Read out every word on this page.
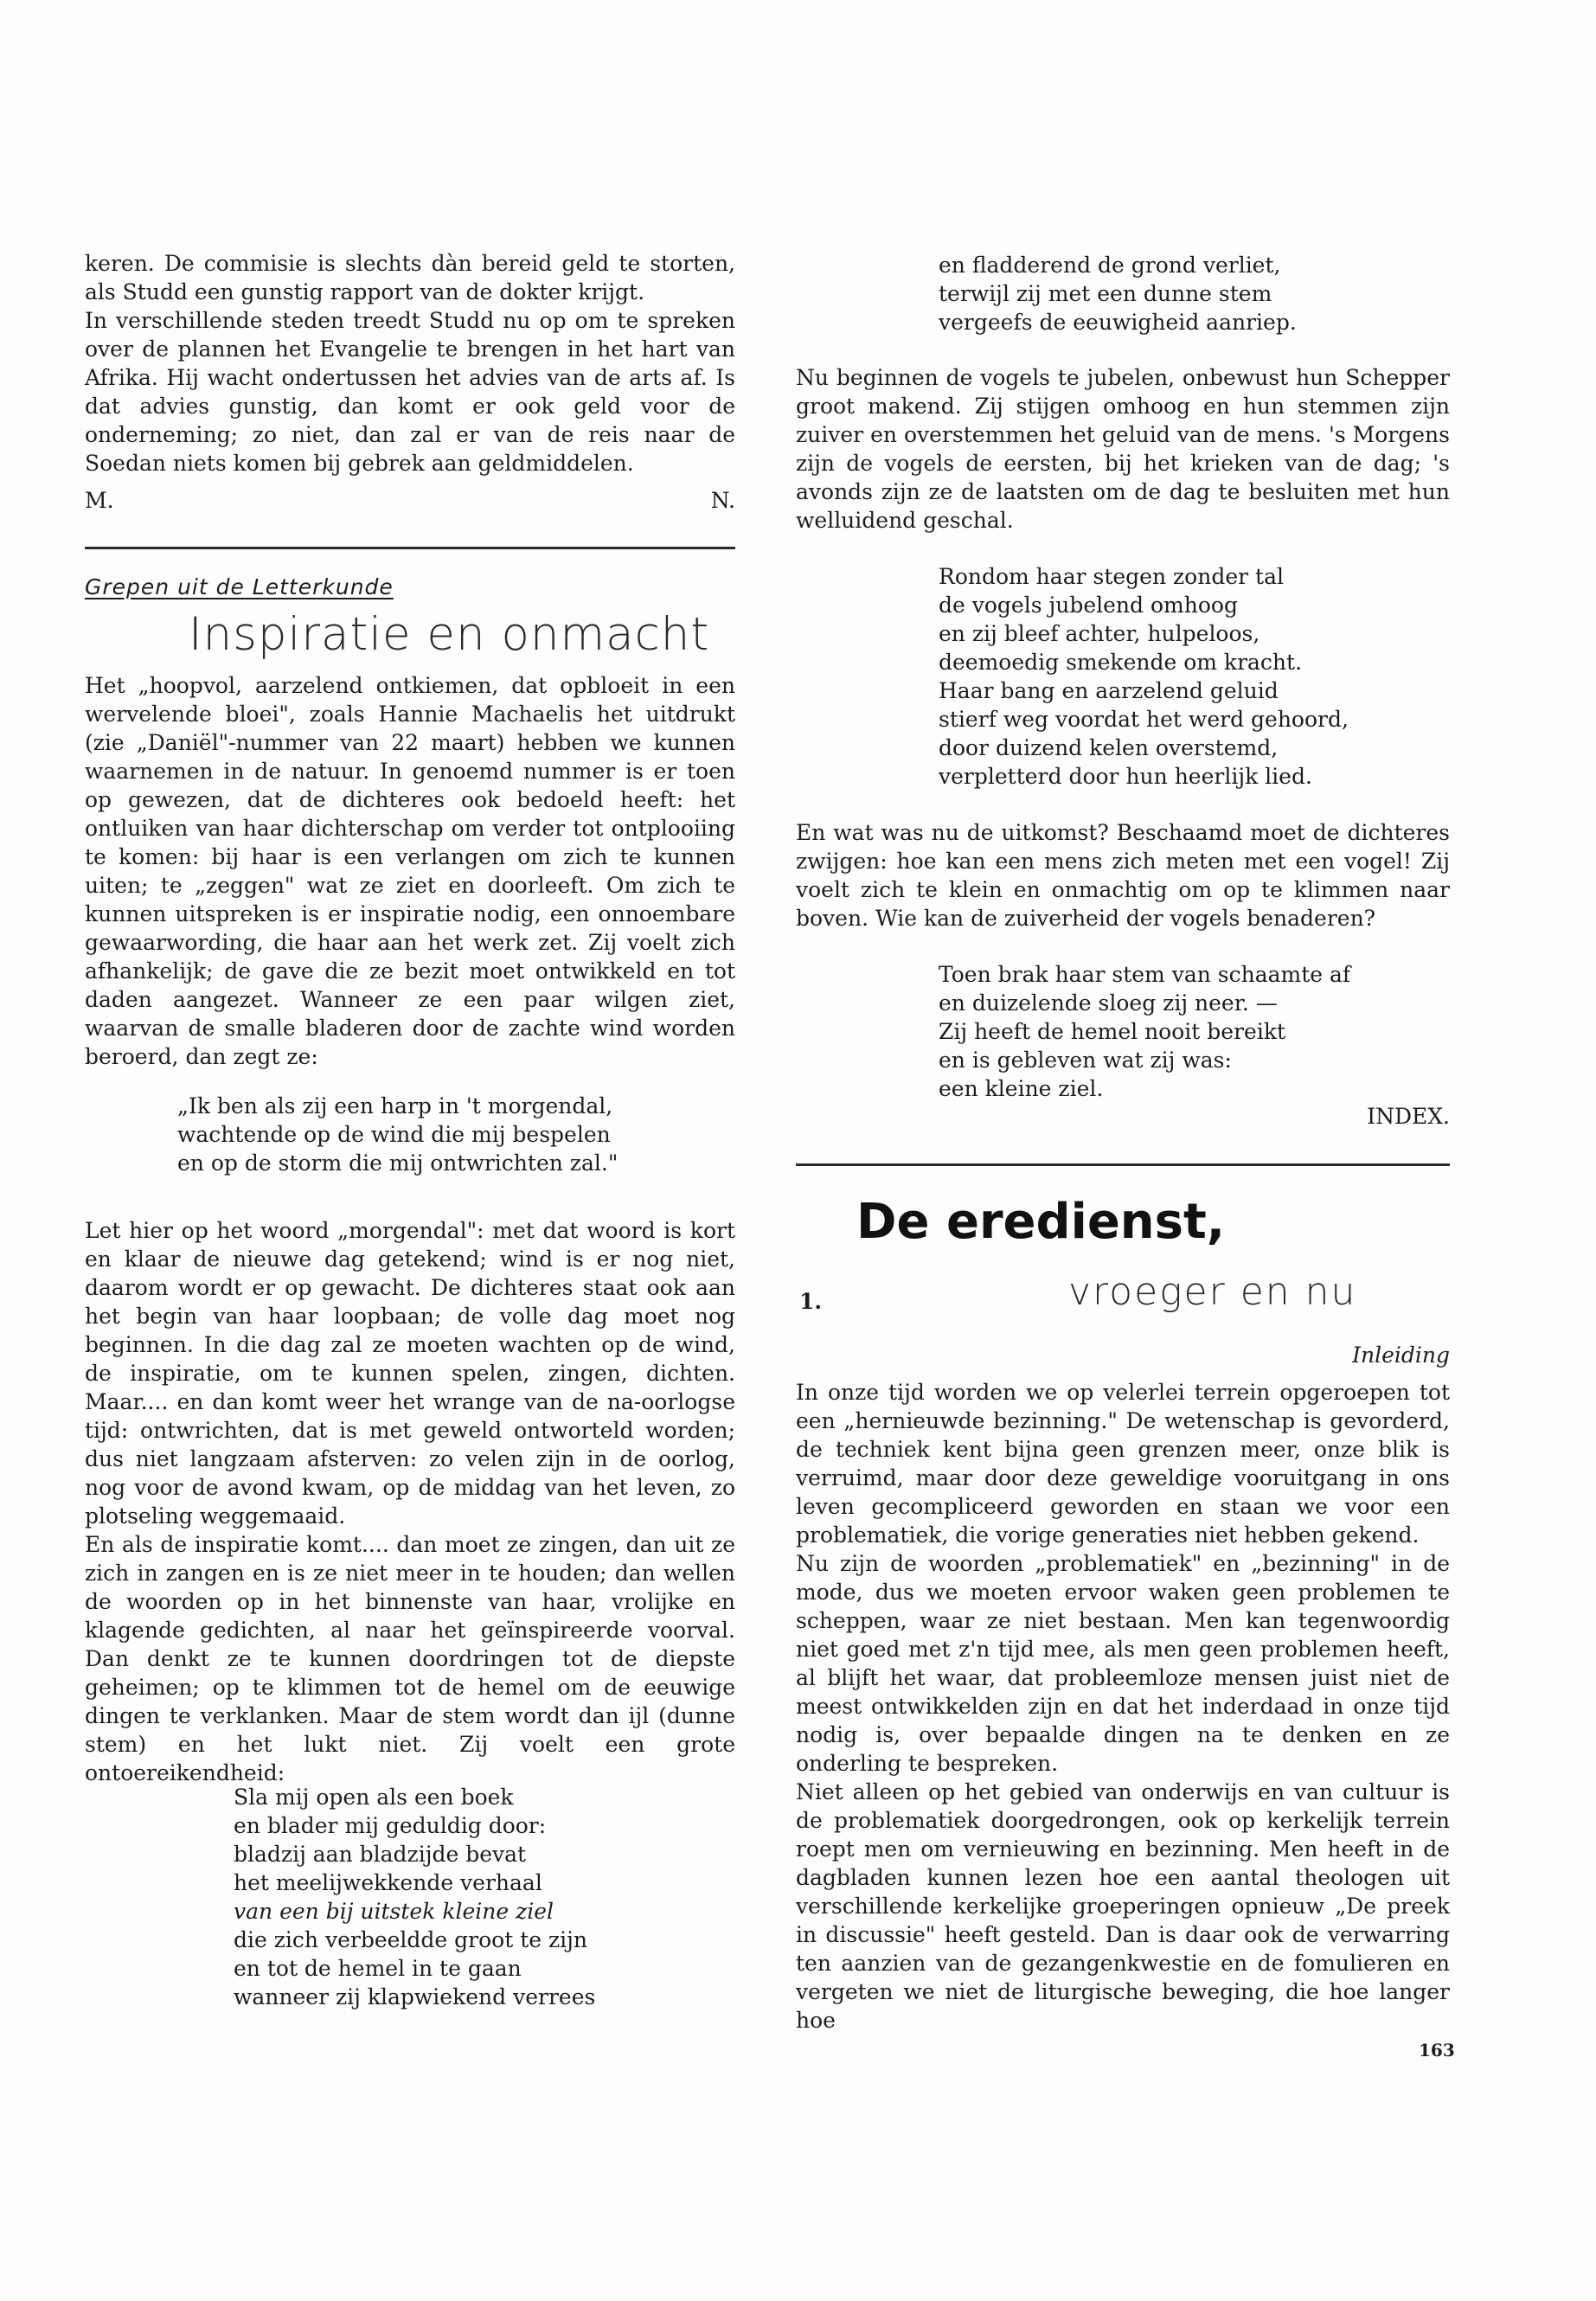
keren. De commisie is slechts dàn bereid geld te storten, als Studd een gunstig rapport van de dokter krijgt.

In verschillende steden treedt Studd nu op om te spreken over de plannen het Evangelie te brengen in het hart van Afrika. Hij wacht ondertussen het advies van de arts af. Is dat advies gunstig, dan komt er ook geld voor de onderneming; zo niet, dan zal er van de reis naar de Soedan niets komen bij gebrek aan geldmiddelen.

M.	N.
Grepen uit de Letterkunde
Inspiratie en onmacht

Het „hoopvol, aarzelend ontkiemen, dat opbloeit in een wervelende bloei", zoals Hannie Machaelis het uitdrukt (zie „Daniël"-nummer van 22 maart) hebben we kunnen waarnemen in de natuur. In genoemd nummer is er toen op gewezen, dat de dichteres ook bedoeld heeft: het ontluiken van haar dichterschap om verder tot ontplooiing te komen: bij haar is een verlangen om zich te kunnen uiten; te „zeggen" wat ze ziet en doorleeft. Om zich te kunnen uitspreken is er inspiratie nodig, een onnoembare gewaarwording, die haar aan het werk zet. Zij voelt zich afhankelijk; de gave die ze bezit moet ontwikkeld en tot daden aangezet. Wanneer ze een paar wilgen ziet, waarvan de smalle bladeren door de zachte wind worden beroerd, dan zegt ze:

„Ik ben als zij een harp in 't morgendal,
wachtende op de wind die mij bespelen
en op de storm die mij ontwrichten zal."

Let hier op het woord „morgendal": met dat woord is kort en klaar de nieuwe dag getekend; wind is er nog niet, daarom wordt er op gewacht. De dichteres staat ook aan het begin van haar loopbaan; de volle dag moet nog beginnen. In die dag zal ze moeten wachten op de wind, de inspiratie, om te kunnen spelen, zingen, dichten. Maar.... en dan komt weer het wrange van de na-oorlogse tijd: ontwrichten, dat is met geweld ontworteld worden; dus niet langzaam afsterven: zo velen zijn in de oorlog, nog voor de avond kwam, op de middag van het leven, zo plotseling weggemaaid.

En als de inspiratie komt.... dan moet ze zingen, dan uit ze zich in zangen en is ze niet meer in te houden; dan wellen de woorden op in het binnenste van haar, vrolijke en klagende gedichten, al naar het geïnspireerde voorval. Dan denkt ze te kunnen doordringen tot de diepste geheimen; op te klimmen tot de hemel om de eeuwige dingen te verklanken. Maar de stem wordt dan ijl (dunne stem) en het lukt niet. Zij voelt een grote ontoereikendheid:

Sla mij open als een boek
en blader mij geduldig door:
bladzij aan bladzijde bevat
het meelijwekkende verhaal
van een bij uitstek kleine ziel
die zich verbeeldde groot te zijn
en tot de hemel in te gaan
wanneer zij klapwiekend verrees
en fladderend de grond verliet,
terwijl zij met een dunne stem
vergeefs de eeuwigheid aanriep.

Nu beginnen de vogels te jubelen, onbewust hun Schepper groot makend. Zij stijgen omhoog en hun stemmen zijn zuiver en overstemmen het geluid van de mens. 's Morgens zijn de vogels de eersten, bij het krieken van de dag; 's avonds zijn ze de laatsten om de dag te besluiten met hun welluidend geschal.

Rondom haar stegen zonder tal
de vogels jubelend omhoog
en zij bleef achter, hulpeloos,
deemoedig smekende om kracht.
Haar bang en aarzelend geluid
stierf weg voordat het werd gehoord,
door duizend kelen overstemd,
verpletterd door hun heerlijk lied.

En wat was nu de uitkomst? Beschaamd moet de dichteres zwijgen: hoe kan een mens zich meten met een vogel! Zij voelt zich te klein en onmachtig om op te klimmen naar boven. Wie kan de zuiverheid der vogels benaderen?

Toen brak haar stem van schaamte af
en duizelende sloeg zij neer. —
Zij heeft de hemel nooit bereikt
en is gebleven wat zij was:
een kleine ziel.
INDEX.
De eredienst,
1.	vroeger en nu
Inleiding

In onze tijd worden we op velerlei terrein opgeroepen tot een „hernieuwde bezinning." De wetenschap is gevorderd, de techniek kent bijna geen grenzen meer, onze blik is verruimd, maar door deze geweldige vooruitgang in ons leven gecompliceerd geworden en staan we voor een problematiek, die vorige generaties niet hebben gekend.

Nu zijn de woorden „problematiek" en „bezinning" in de mode, dus we moeten ervoor waken geen problemen te scheppen, waar ze niet bestaan. Men kan tegenwoordig niet goed met z'n tijd mee, als men geen problemen heeft, al blijft het waar, dat probleemloze mensen juist niet de meest ontwikkelden zijn en dat het inderdaad in onze tijd nodig is, over bepaalde dingen na te denken en ze onderling te bespreken.

Niet alleen op het gebied van onderwijs en van cultuur is de problematiek doorgedrongen, ook op kerkelijk terrein roept men om vernieuwing en bezinning. Men heeft in de dagbladen kunnen lezen hoe een aantal theologen uit verschillende kerkelijke groeperingen opnieuw „De preek in discussie" heeft gesteld. Dan is daar ook de verwarring ten aanzien van de gezangenkwestie en de fomulieren en vergeten we niet de liturgische beweging, die hoe langer hoe

163
